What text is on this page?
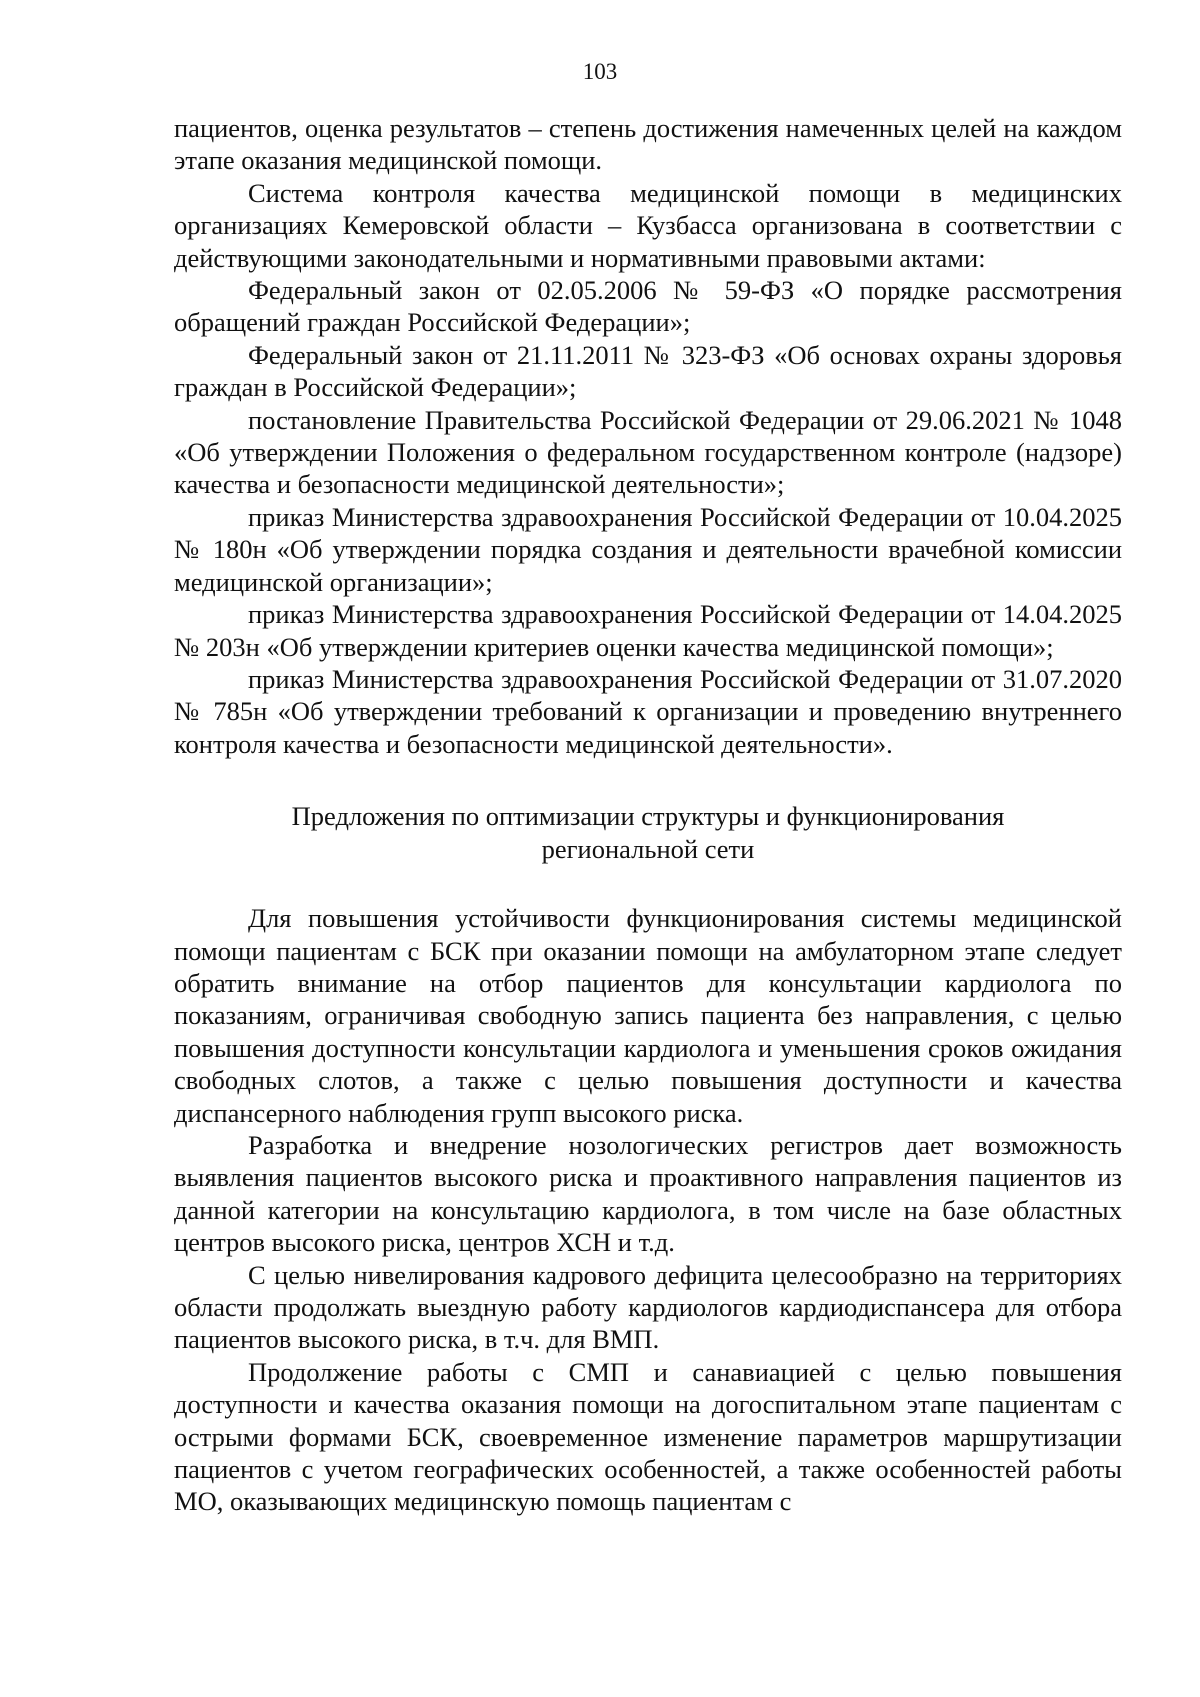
103

пациентов, оценка результатов – степень достижения намеченных целей на каждом этапе оказания медицинской помощи.

Система контроля качества медицинской помощи в медицинских организациях Кемеровской области – Кузбасса организована в соответствии с действующими законодательными и нормативными правовыми актами:

Федеральный закон от 02.05.2006 № 59-ФЗ «О порядке рассмотрения обращений граждан Российской Федерации»;

Федеральный закон от 21.11.2011 № 323-ФЗ «Об основах охраны здоровья граждан в Российской Федерации»;

постановление Правительства Российской Федерации от 29.06.2021 № 1048 «Об утверждении Положения о федеральном государственном контроле (надзоре) качества и безопасности медицинской деятельности»;

приказ Министерства здравоохранения Российской Федерации от 10.04.2025 № 180н «Об утверждении порядка создания и деятельности врачебной комиссии медицинской организации»;

приказ Министерства здравоохранения Российской Федерации от 14.04.2025 № 203н «Об утверждении критериев оценки качества медицинской помощи»;

приказ Министерства здравоохранения Российской Федерации от 31.07.2020 № 785н «Об утверждении требований к организации и проведению внутреннего контроля качества и безопасности медицинской деятельности».

Предложения по оптимизации структуры и функционирования
региональной сети

Для повышения устойчивости функционирования системы медицинской помощи пациентам с БСК при оказании помощи на амбулаторном этапе следует обратить внимание на отбор пациентов для консультации кардиолога по показаниям, ограничивая свободную запись пациента без направления, с целью повышения доступности консультации кардиолога и уменьшения сроков ожидания свободных слотов, а также с целью повышения доступности и качества диспансерного наблюдения групп высокого риска.

Разработка и внедрение нозологических регистров дает возможность выявления пациентов высокого риска и проактивного направления пациентов из данной категории на консультацию кардиолога, в том числе на базе областных центров высокого риска, центров ХСН и т.д.

С целью нивелирования кадрового дефицита целесообразно на территориях области продолжать выездную работу кардиологов кардиодиспансера для отбора пациентов высокого риска, в т.ч. для ВМП.

Продолжение работы с СМП и санавиацией с целью повышения доступности и качества оказания помощи на догоспитальном этапе пациентам с острыми формами БСК, своевременное изменение параметров маршрутизации пациентов с учетом географических особенностей, а также особенностей работы МО, оказывающих медицинскую помощь пациентам с
